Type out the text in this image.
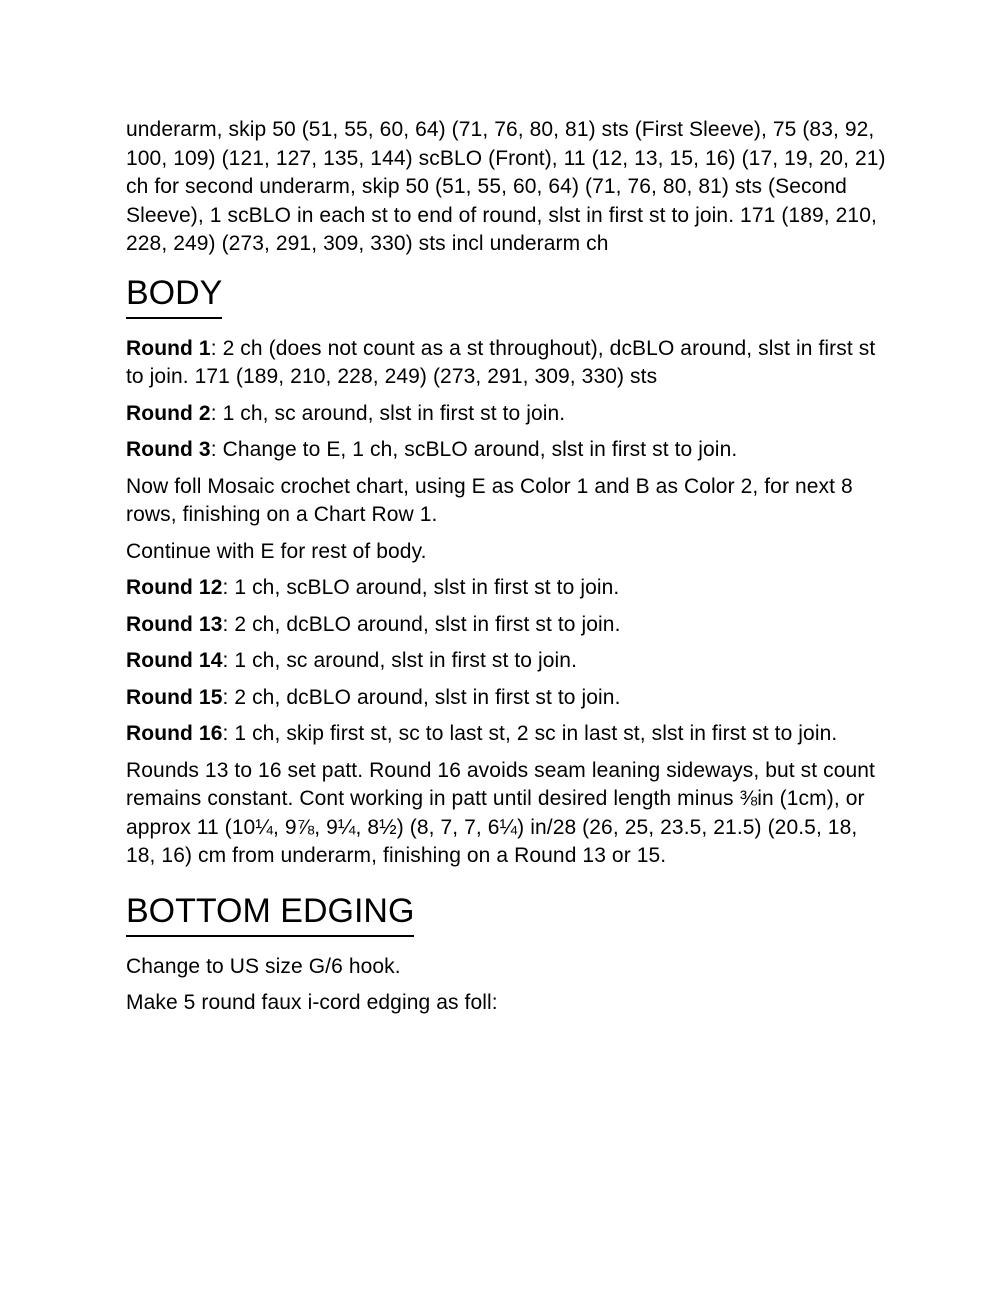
underarm, skip 50 (51, 55, 60, 64) (71, 76, 80, 81) sts (First Sleeve), 75 (83, 92, 100, 109) (121, 127, 135, 144) scBLO (Front), 11 (12, 13, 15, 16) (17, 19, 20, 21) ch for second underarm, skip 50 (51, 55, 60, 64) (71, 76, 80, 81) sts (Second Sleeve), 1 scBLO in each st to end of round, slst in first st to join. 171 (189, 210, 228, 249) (273, 291, 309, 330) sts incl underarm ch

BODY

Round 1: 2 ch (does not count as a st throughout), dcBLO around, slst in first st to join. 171 (189, 210, 228, 249) (273, 291, 309, 330) sts

Round 2: 1 ch, sc around, slst in first st to join.

Round 3: Change to E, 1 ch, scBLO around, slst in first st to join.

Now foll Mosaic crochet chart, using E as Color 1 and B as Color 2, for next 8 rows, finishing on a Chart Row 1.

Continue with E for rest of body.

Round 12: 1 ch, scBLO around, slst in first st to join.

Round 13: 2 ch, dcBLO around, slst in first st to join.

Round 14: 1 ch, sc around, slst in first st to join.

Round 15: 2 ch, dcBLO around, slst in first st to join.

Round 16: 1 ch, skip first st, sc to last st, 2 sc in last st, slst in first st to join.

Rounds 13 to 16 set patt. Round 16 avoids seam leaning sideways, but st count remains constant. Cont working in patt until desired length minus ⅜in (1cm), or approx 11 (10¼, 9⅞, 9¼, 8½) (8, 7, 7, 6¼) in/28 (26, 25, 23.5, 21.5) (20.5, 18, 18, 16) cm from underarm, finishing on a Round 13 or 15.

BOTTOM EDGING

Change to US size G/6 hook.

Make 5 round faux i-cord edging as foll:
